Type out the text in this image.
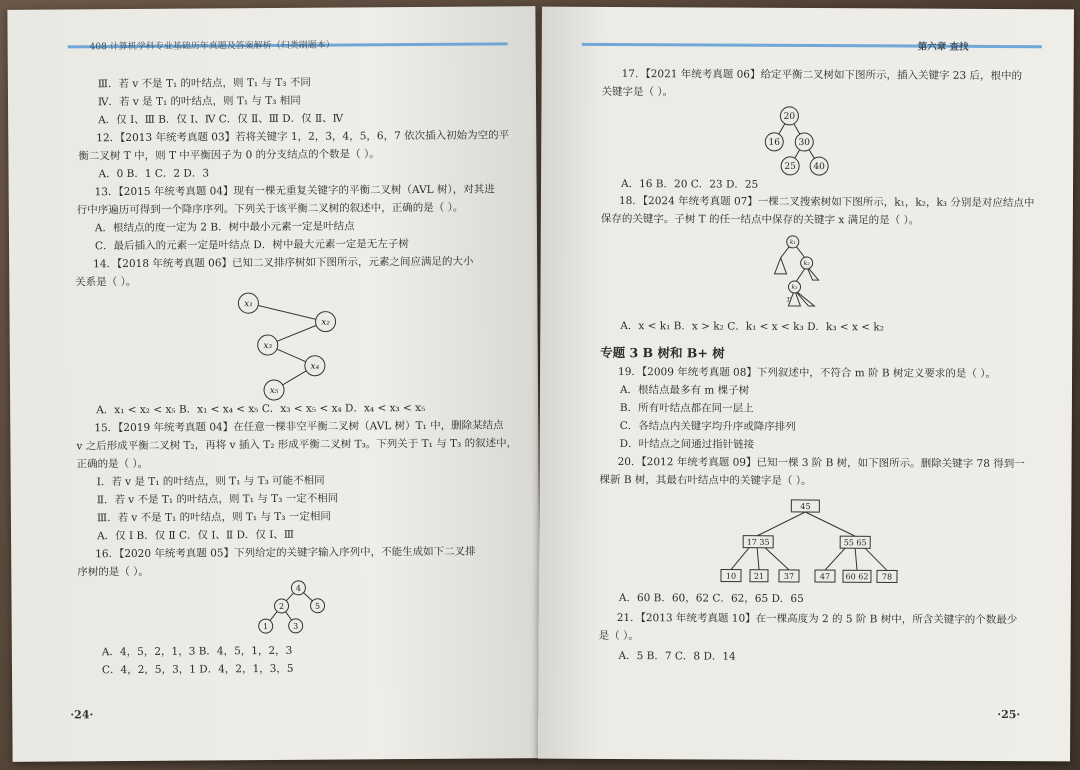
408 计算机学科专业基础历年真题及答案解析（归类刷题本）
Ⅲ．若 v 不是 T₁ 的叶结点，则 T₁ 与 T₃ 不同
Ⅳ．若 v 是 T₁ 的叶结点，则 T₁ 与 T₃ 相同
A．仅 Ⅰ、Ⅲ B．仅 Ⅰ、Ⅳ C．仅 Ⅱ、Ⅲ D．仅 Ⅱ、Ⅳ
12．【2013 年统考真题 03】若将关键字 1，2，3，4，5，6，7 依次插入初始为空的平
衡二叉树 T 中，则 T 中平衡因子为 0 的分支结点的个数是（ ）。
A．0 B．1 C．2 D．3
13．【2015 年统考真题 04】现有一棵无重复关键字的平衡二叉树（AVL 树），对其进
行中序遍历可得到一个降序序列。下列关于该平衡二叉树的叙述中，正确的是（ ）。
A．根结点的度一定为 2 B．树中最小元素一定是叶结点
C．最后插入的元素一定是叶结点 D．树中最大元素一定是无左子树
14．【2018 年统考真题 06】已知二叉排序树如下图所示，元素之间应满足的大小
关系是（ ）。
x₁
x₂
x₃
x₄
x₅
A．x₁ < x₂ < x₅ B．x₁ < x₄ < x₅ C．x₃ < x₅ < x₄ D．x₄ < x₃ < x₅
15．【2019 年统考真题 04】在任意一棵非空平衡二叉树（AVL 树）T₁ 中，删除某结点
v 之后形成平衡二叉树 T₂，再将 v 插入 T₂ 形成平衡二叉树 T₃。下列关于 T₁ 与 T₃ 的叙述中，
正确的是（ ）。
Ⅰ．若 v 是 T₁ 的叶结点，则 T₁ 与 T₃ 可能不相同
Ⅱ．若 v 不是 T₁ 的叶结点，则 T₁ 与 T₃ 一定不相同
Ⅲ．若 v 不是 T₁ 的叶结点，则 T₁ 与 T₃ 一定相同
A．仅 Ⅰ B．仅 Ⅱ C．仅 Ⅰ、Ⅱ D．仅 Ⅰ、Ⅲ
16．【2020 年统考真题 05】下列给定的关键字输入序列中，不能生成如下二叉排
序树的是（ ）。
4
2	5
1	3
A．4，5，2，1，3 B．4，5，1，2，3
C．4，2，5，3，1 D．4，2，1，3，5
·24·
第六章 查找
17．【2021 年统考真题 06】给定平衡二叉树如下图所示，插入关键字 23 后，根中的
关键字是（ ）。
20
16 30
25 40
A．16 B．20 C．23 D．25
18．【2024 年统考真题 07】一棵二叉搜索树如下图所示，k₁，k₂，k₃ 分别是对应结点中
保存的关键字。子树 T 的任一结点中保存的关键字 x 满足的是（ ）。
k₁
k₂
k₃
T
A．x < k₁ B．x > k₂ C．k₁ < x < k₃ D．k₃ < x < k₂
专题 3 B 树和 B+ 树
19．【2009 年统考真题 08】下列叙述中，不符合 m 阶 B 树定义要求的是（ ）。
A．根结点最多有 m 棵子树
B．所有叶结点都在同一层上
C．各结点内关键字均升序或降序排列
D．叶结点之间通过指针链接
20．【2012 年统考真题 09】已知一棵 3 阶 B 树，如下图所示。删除关键字 78 得到一
棵新 B 树，其最右叶结点中的关键字是（ ）。
45
17 35	55 65
10 21 37	47 60 62 78
A．60 B．60，62 C．62，65 D．65
21．【2013 年统考真题 10】在一棵高度为 2 的 5 阶 B 树中，所含关键字的个数最少
是（ ）。
A．5 B．7 C．8 D．14
·25·
